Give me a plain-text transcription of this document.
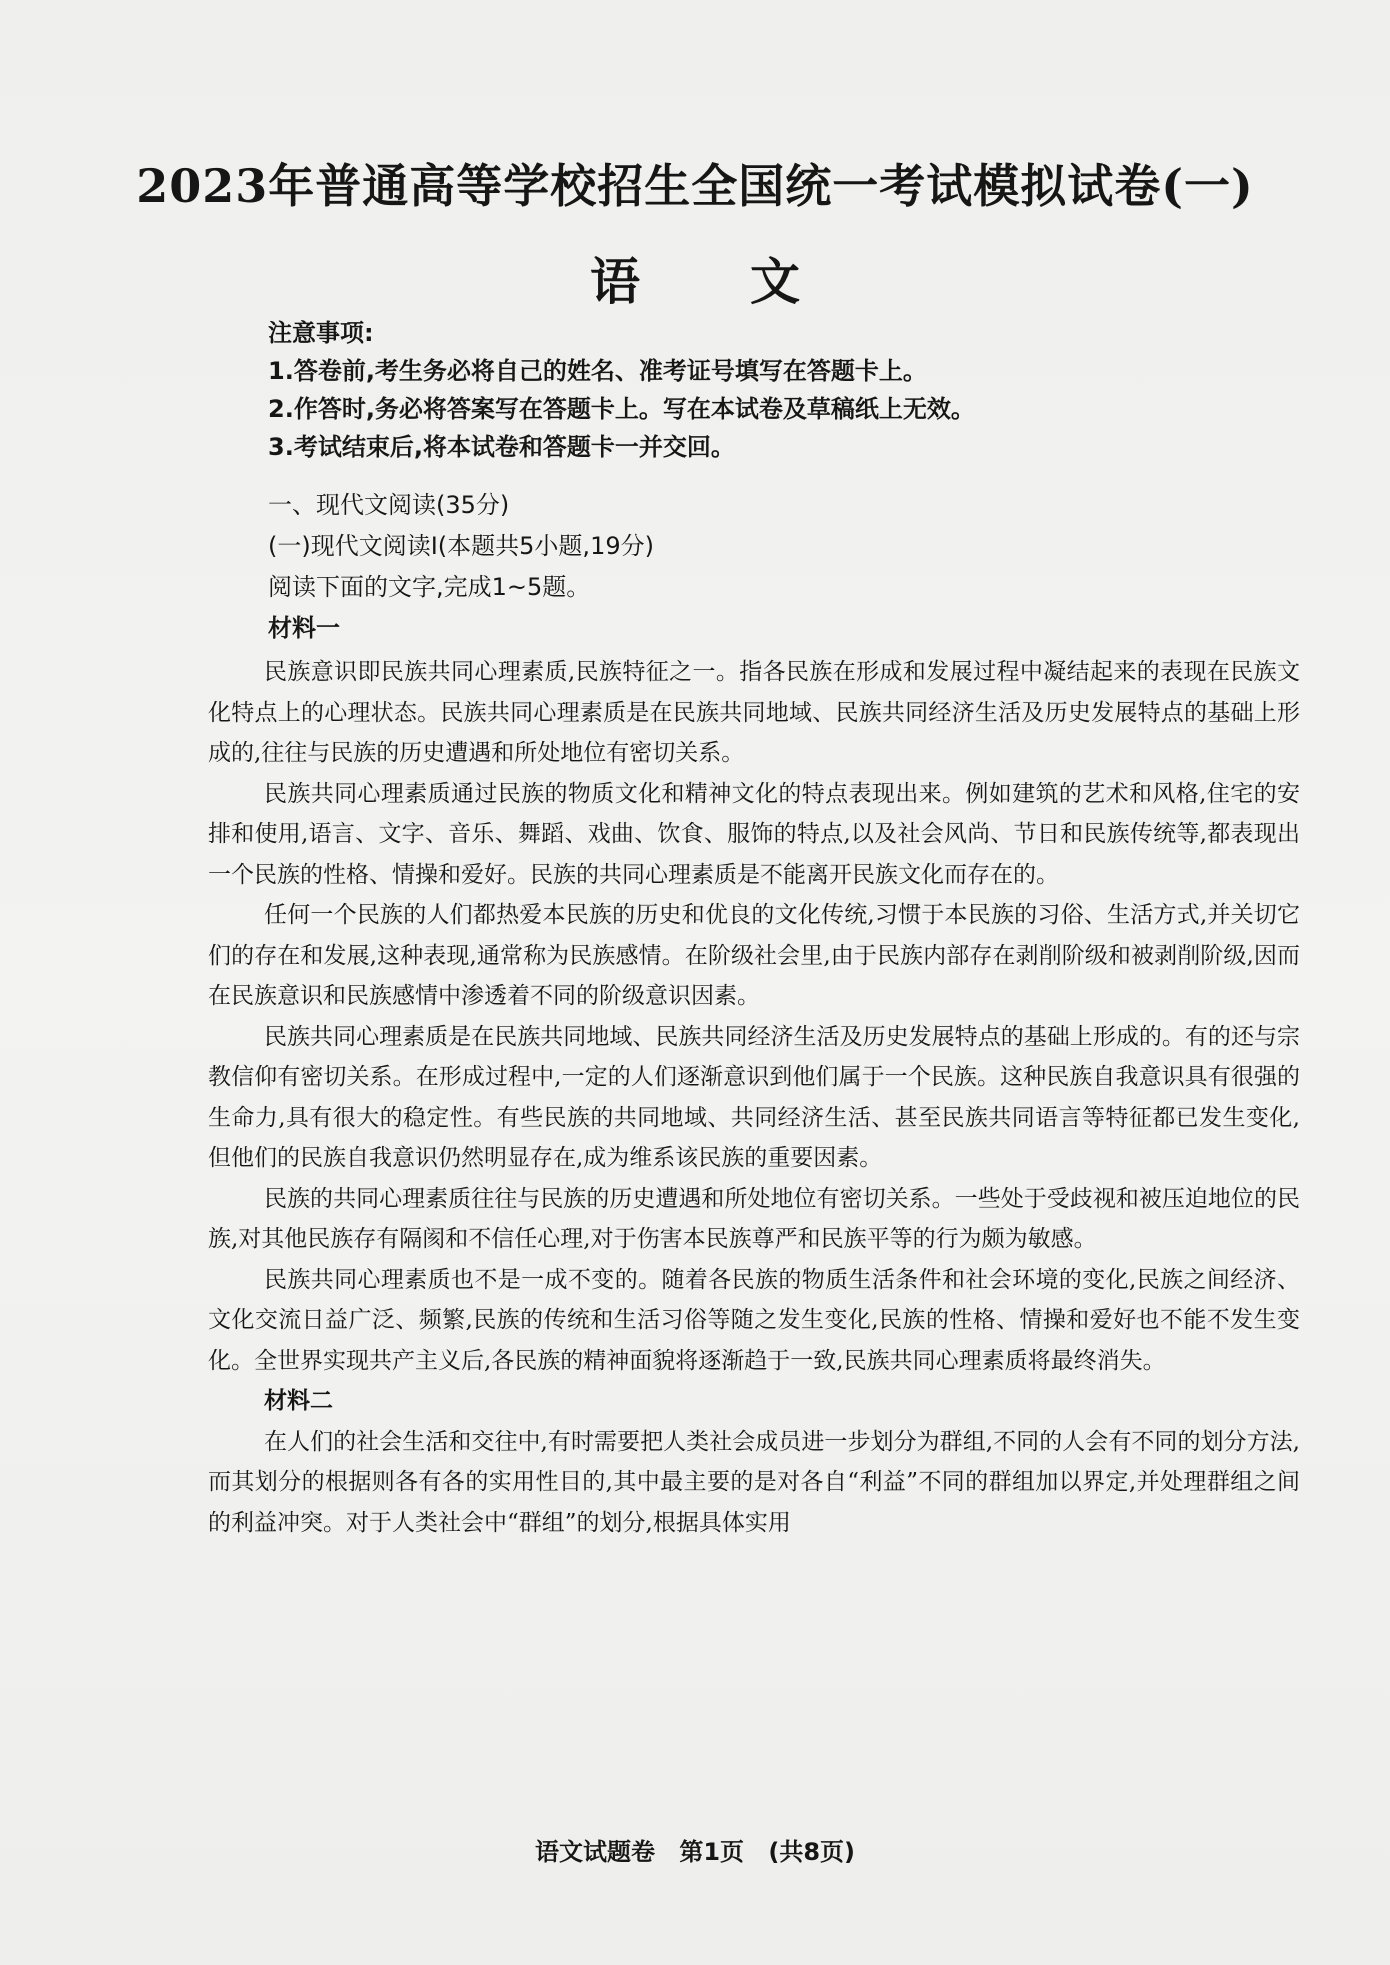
2023年普通高等学校招生全国统一考试模拟试卷(一)
语文
注意事项:
1.答卷前,考生务必将自己的姓名、准考证号填写在答题卡上。
2.作答时,务必将答案写在答题卡上。写在本试卷及草稿纸上无效。
3.考试结束后,将本试卷和答题卡一并交回。
一、现代文阅读(35分)
(一)现代文阅读I(本题共5小题,19分)
阅读下面的文字,完成1~5题。
材料一

民族意识即民族共同心理素质,民族特征之一。指各民族在形成和发展过程中凝结起来的表现在民族文化特点上的心理状态。民族共同心理素质是在民族共同地域、民族共同经济生活及历史发展特点的基础上形成的,往往与民族的历史遭遇和所处地位有密切关系。

民族共同心理素质通过民族的物质文化和精神文化的特点表现出来。例如建筑的艺术和风格,住宅的安排和使用,语言、文字、音乐、舞蹈、戏曲、饮食、服饰的特点,以及社会风尚、节日和民族传统等,都表现出一个民族的性格、情操和爱好。民族的共同心理素质是不能离开民族文化而存在的。

任何一个民族的人们都热爱本民族的历史和优良的文化传统,习惯于本民族的习俗、生活方式,并关切它们的存在和发展,这种表现,通常称为民族感情。在阶级社会里,由于民族内部存在剥削阶级和被剥削阶级,因而在民族意识和民族感情中渗透着不同的阶级意识因素。

民族共同心理素质是在民族共同地域、民族共同经济生活及历史发展特点的基础上形成的。有的还与宗教信仰有密切关系。在形成过程中,一定的人们逐渐意识到他们属于一个民族。这种民族自我意识具有很强的生命力,具有很大的稳定性。有些民族的共同地域、共同经济生活、甚至民族共同语言等特征都已发生变化,但他们的民族自我意识仍然明显存在,成为维系该民族的重要因素。

民族的共同心理素质往往与民族的历史遭遇和所处地位有密切关系。一些处于受歧视和被压迫地位的民族,对其他民族存有隔阂和不信任心理,对于伤害本民族尊严和民族平等的行为颇为敏感。

民族共同心理素质也不是一成不变的。随着各民族的物质生活条件和社会环境的变化,民族之间经济、文化交流日益广泛、频繁,民族的传统和生活习俗等随之发生变化,民族的性格、情操和爱好也不能不发生变化。全世界实现共产主义后,各民族的精神面貌将逐渐趋于一致,民族共同心理素质将最终消失。

材料二

在人们的社会生活和交往中,有时需要把人类社会成员进一步划分为群组,不同的人会有不同的划分方法,而其划分的根据则各有各的实用性目的,其中最主要的是对各自“利益”不同的群组加以界定,并处理群组之间的利益冲突。对于人类社会中“群组”的划分,根据具体实用

语文试题卷 第1页 (共8页)
